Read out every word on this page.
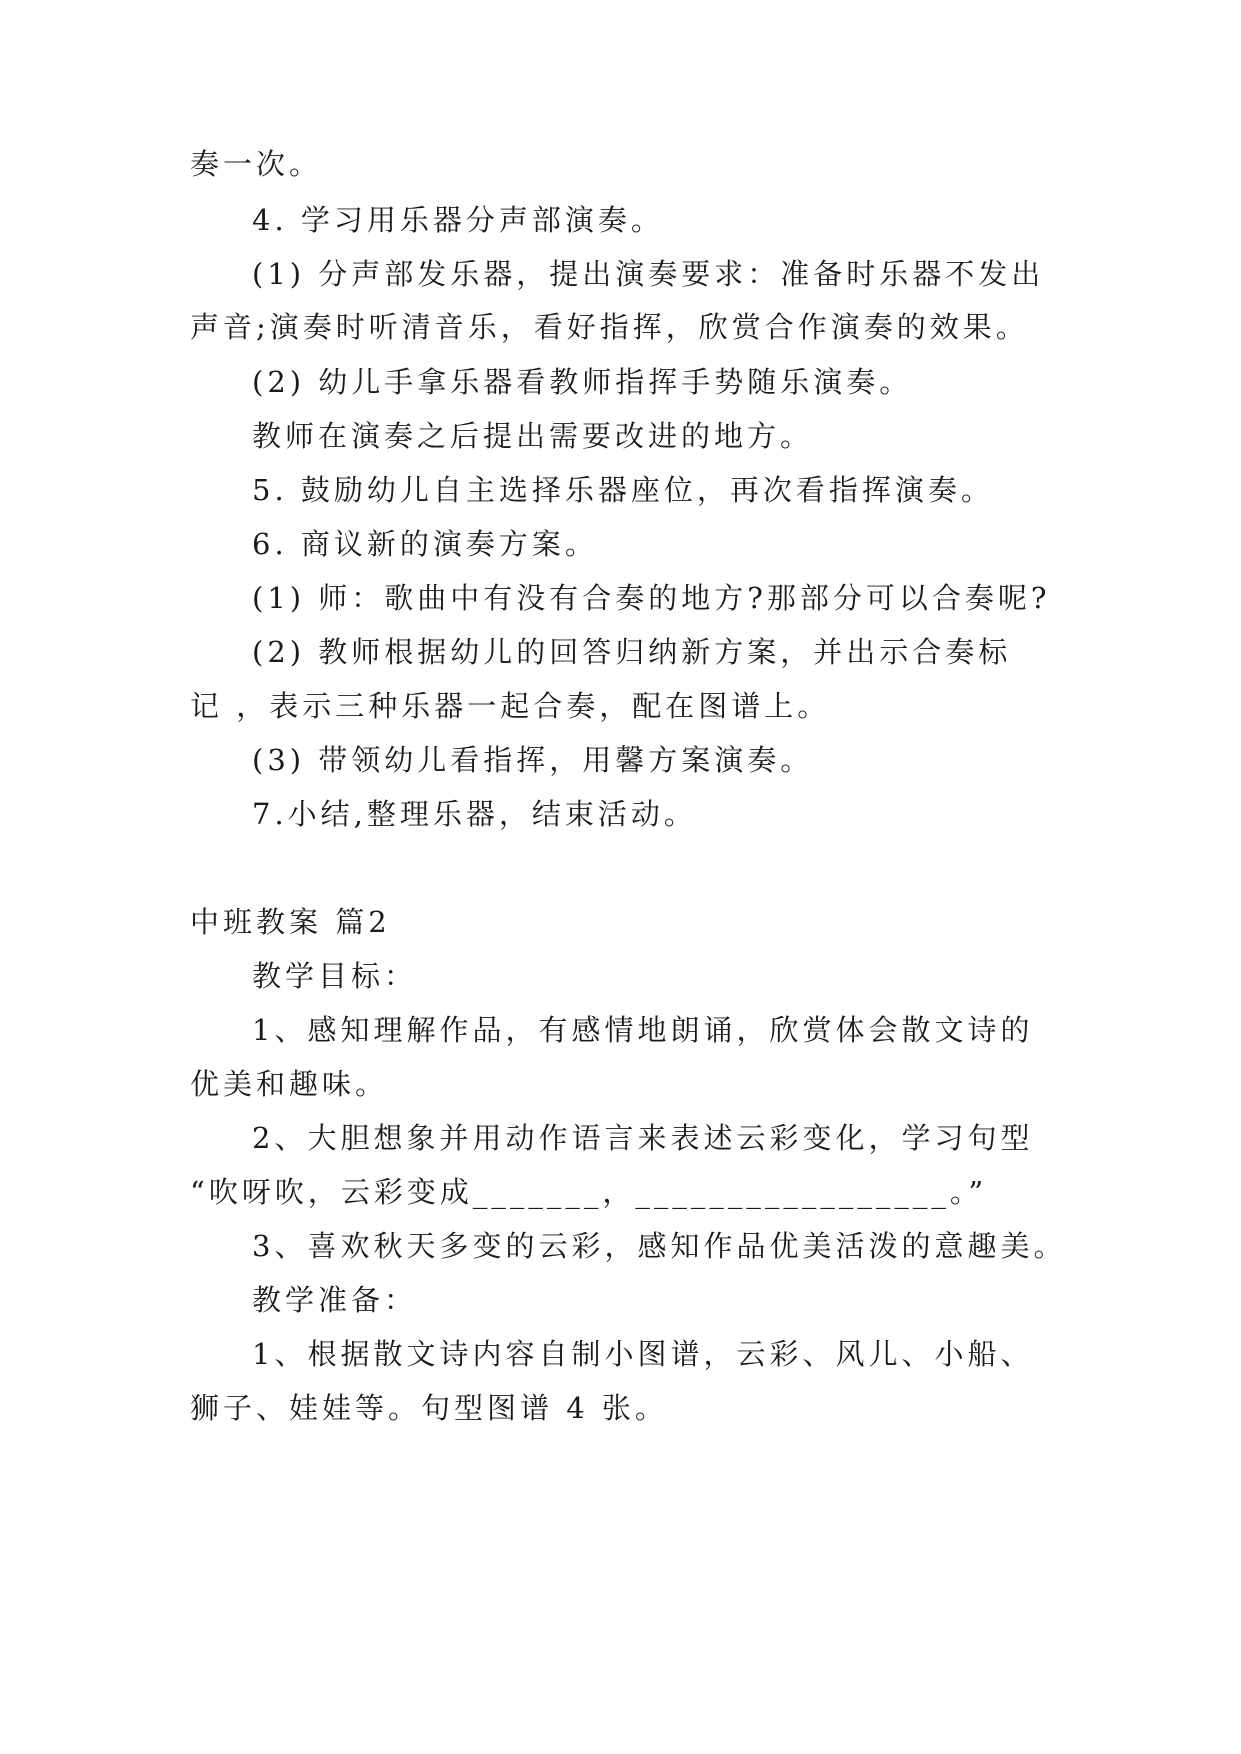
奏一次。
4. 学习用乐器分声部演奏。
(1) 分声部发乐器，提出演奏要求：准备时乐器不发出
声音;演奏时听清音乐，看好指挥，欣赏合作演奏的效果。
(2) 幼儿手拿乐器看教师指挥手势随乐演奏。
教师在演奏之后提出需要改进的地方。
5. 鼓励幼儿自主选择乐器座位，再次看指挥演奏。
6. 商议新的演奏方案。
(1) 师：歌曲中有没有合奏的地方?那部分可以合奏呢?
(2) 教师根据幼儿的回答归纳新方案，并出示合奏标
记 ，表示三种乐器一起合奏，配在图谱上。
(3) 带领幼儿看指挥，用馨方案演奏。
7.小结,整理乐器，结束活动。
中班教案 篇2
教学目标：
1、感知理解作品，有感情地朗诵，欣赏体会散文诗的
优美和趣味。
2、大胆想象并用动作语言来表述云彩变化，学习句型
“吹呀吹，云彩变成_______，_________________。”
3、喜欢秋天多变的云彩，感知作品优美活泼的意趣美。
教学准备：
1、根据散文诗内容自制小图谱，云彩、风儿、小船、
狮子、娃娃等。句型图谱 4 张。
